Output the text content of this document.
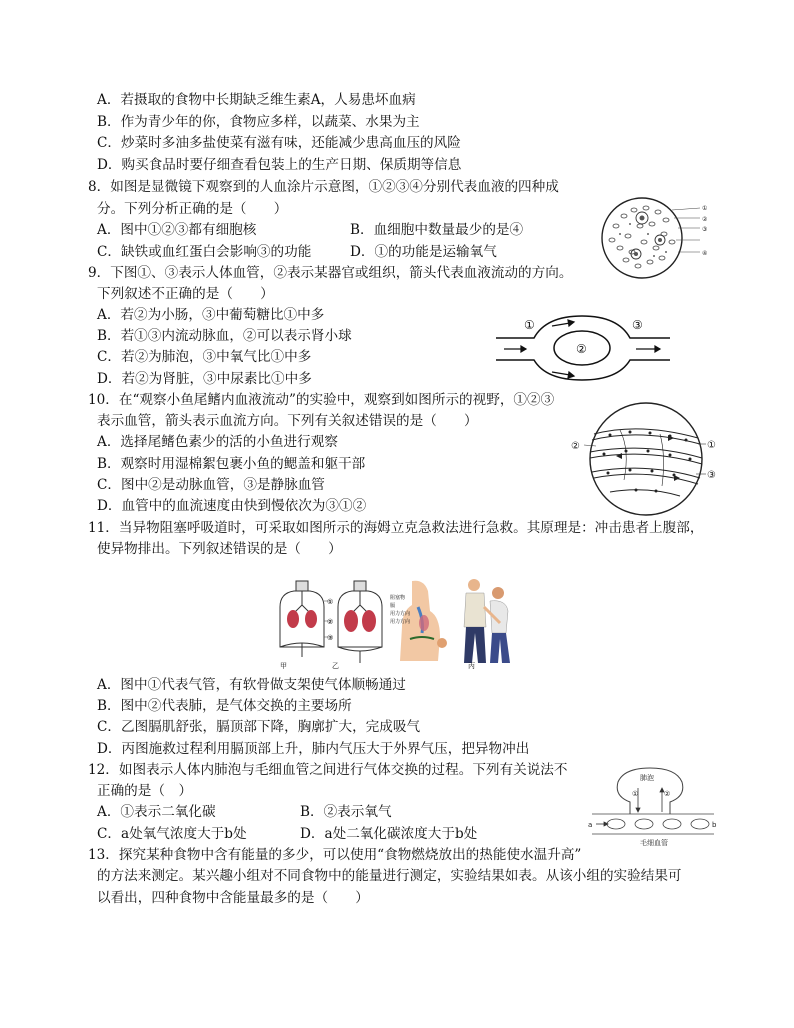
A．若摄取的食物中长期缺乏维生素A，人易患坏血病
B．作为青少年的你，食物应多样，以蔬菜、水果为主
C．炒菜时多油多盐使菜有滋有味，还能减少患高血压的风险
D．购买食品时要仔细查看包装上的生产日期、保质期等信息
8．如图是显微镜下观察到的人血涂片示意图，①②③④分别代表血液的四种成
分。下列分析正确的是（　　）
A．图中①②③都有细胞核	B．血细胞中数量最少的是④
C．缺铁或血红蛋白会影响③的功能	D．①的功能是运输氧气
①
②
③
④
9．下图①、③表示人体血管，②表示某器官或组织，箭头代表血液流动的方向。
下列叙述不正确的是（　　）
A．若②为小肠，③中葡萄糖比①中多
B．若①③内流动脉血，②可以表示肾小球
C．若②为肺泡，③中氧气比①中多
D．若②为肾脏，③中尿素比①中多
①
②
③
10．在“观察小鱼尾鳍内血液流动”的实验中，观察到如图所示的视野，①②③
表示血管，箭头表示血流方向。下列有关叙述错误的是（　　）
A．选择尾鳍色素少的活的小鱼进行观察
B．观察时用湿棉絮包裹小鱼的鳃盖和躯干部
C．图中②是动脉血管，③是静脉血管
D．血管中的血流速度由快到慢依次为③①②
①
②
③
11．当异物阻塞呼吸道时，可采取如图所示的海姆立克急救法进行急救。其原理是：冲击患者上腹部，
使异物排出。下列叙述错误的是（　　）
①
②
③
阻塞物
膈
用力方向
用力方向
甲	乙	丙
A．图中①代表气管，有软骨做支架使气体顺畅通过
B．图中②代表肺，是气体交换的主要场所
C．乙图膈肌舒张，膈顶部下降，胸廓扩大，完成吸气
D．丙图施救过程利用膈顶部上升，肺内气压大于外界气压，把异物冲出
12．如图表示人体内肺泡与毛细血管之间进行气体交换的过程。下列有关说法不
正确的是（　）
A．①表示二氧化碳	B．②表示氧气
C．a处氧气浓度大于b处	D．a处二氧化碳浓度大于b处
肺泡
①	②
a	b
毛细血管
13．探究某种食物中含有能量的多少，可以使用“食物燃烧放出的热能使水温升高”
的方法来测定。某兴趣小组对不同食物中的能量进行测定，实验结果如表。从该小组的实验结果可
以看出，四种食物中含能量最多的是（　　）
